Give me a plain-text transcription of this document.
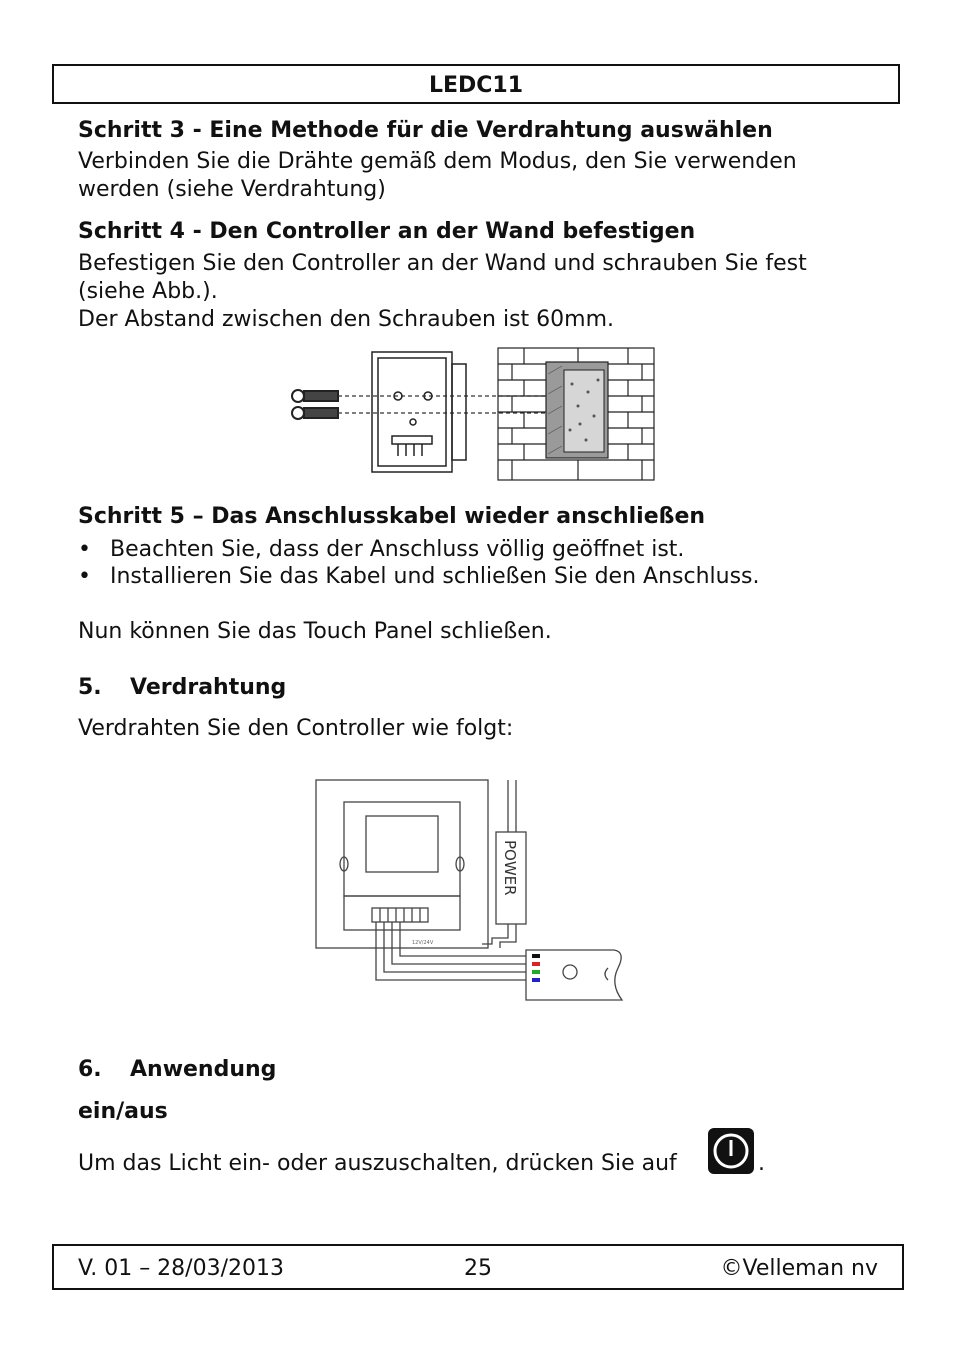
LEDC11
Schritt 3 - Eine Methode für die Verdrahtung auswählen

Verbinden Sie die Drähte gemäß dem Modus, den Sie verwenden

werden (siehe Verdrahtung)

Schritt 4 - Den Controller an der Wand befestigen

Befestigen Sie den Controller an der Wand und schrauben Sie fest

(siehe Abb.).

Der Abstand zwischen den Schrauben ist 60mm.

Schritt 5 – Das Anschlusskabel wieder anschließen
• Beachten Sie, dass der Anschluss völlig geöffnet ist.
• Installieren Sie das Kabel und schließen Sie den Anschluss.

Nun können Sie das Touch Panel schließen.

5. Verdrahtung

Verdrahten Sie den Controller wie folgt:

POWER
12V/24V
6. Anwendung
ein/aus

Um das Licht ein- oder auszuschalten, drücken Sie auf	.

V. 01 – 28/03/2013	25	©Velleman nv
